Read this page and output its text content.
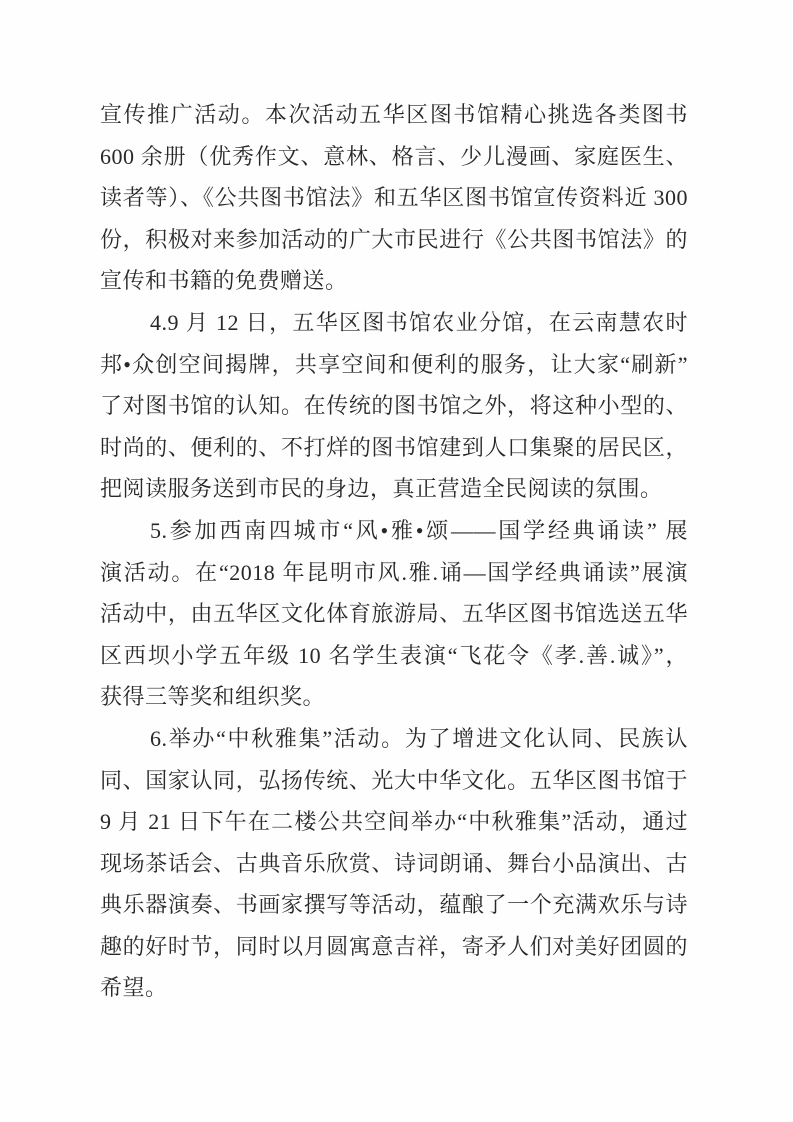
宣传推广活动。本次活动五华区图书馆精心挑选各类图书
600 余册（优秀作文、意林、格言、少儿漫画、家庭医生、
读者等）、《公共图书馆法》和五华区图书馆宣传资料近 300
份，积极对来参加活动的广大市民进行《公共图书馆法》的
宣传和书籍的免费赠送。
4.9 月 12 日，五华区图书馆农业分馆，在云南慧农时
邦•众创空间揭牌，共享空间和便利的服务，让大家“刷新”
了对图书馆的认知。在传统的图书馆之外，将这种小型的、
时尚的、便利的、不打烊的图书馆建到人口集聚的居民区，
把阅读服务送到市民的身边，真正营造全民阅读的氛围。
5.参加西南四城市“风•雅•颂——国学经典诵读” 展
演活动。在“2018 年昆明市风.雅.诵—国学经典诵读”展演
活动中，由五华区文化体育旅游局、五华区图书馆选送五华
区西坝小学五年级 10 名学生表演“飞花令《孝.善.诚》”，
获得三等奖和组织奖。
6.举办“中秋雅集”活动。为了增进文化认同、民族认
同、国家认同，弘扬传统、光大中华文化。五华区图书馆于
9 月 21 日下午在二楼公共空间举办“中秋雅集”活动，通过
现场茶话会、古典音乐欣赏、诗词朗诵、舞台小品演出、古
典乐器演奏、书画家撰写等活动，蕴酿了一个充满欢乐与诗
趣的好时节，同时以月圆寓意吉祥，寄矛人们对美好团圆的
希望。
